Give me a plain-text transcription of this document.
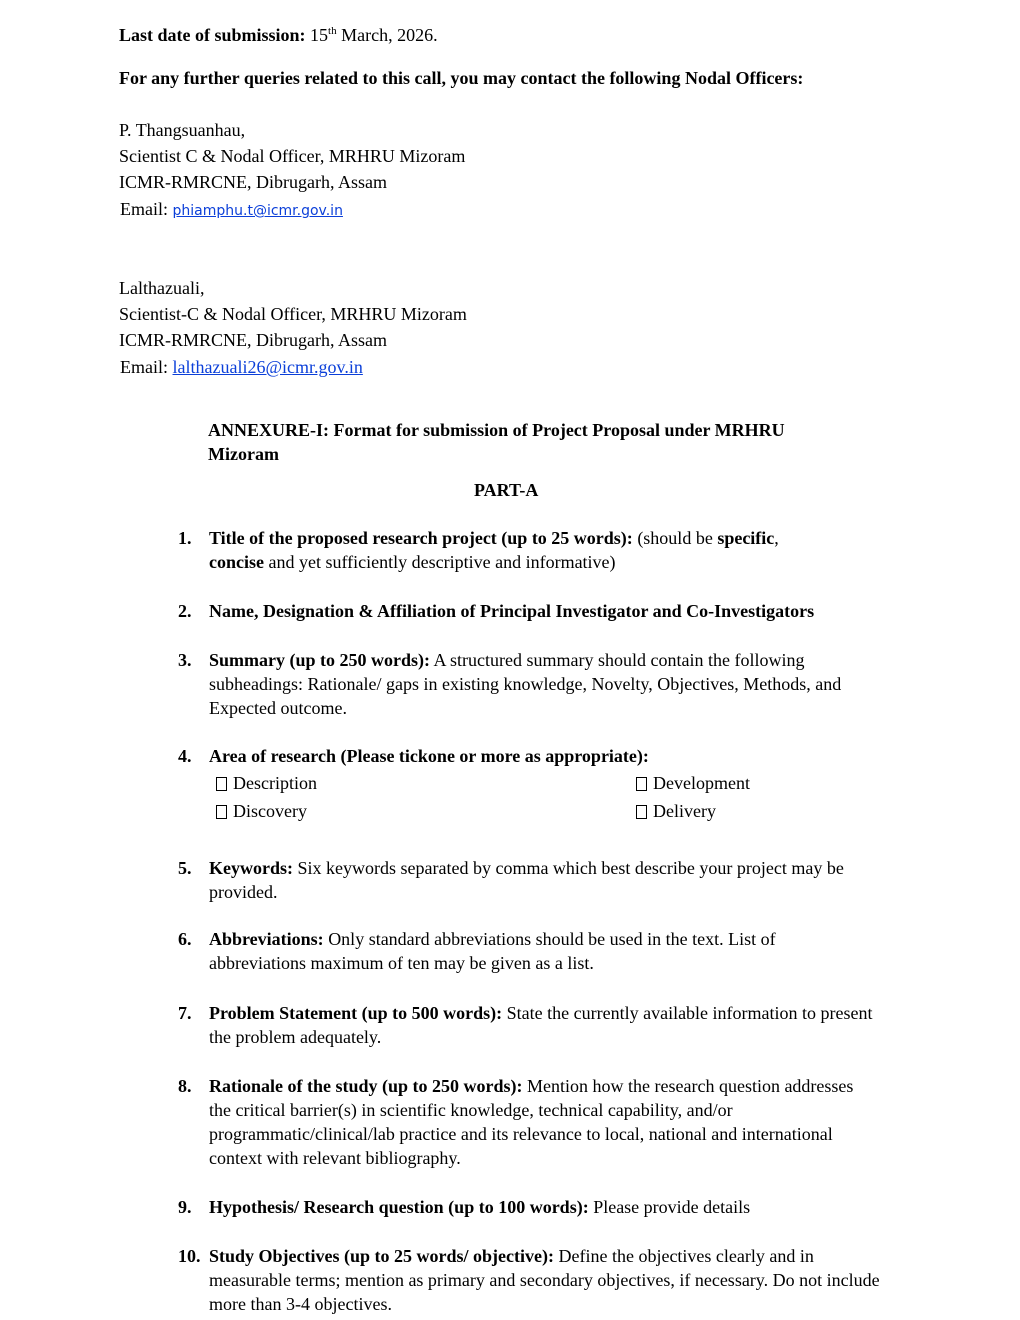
Last date of submission: 15th March, 2026.
For any further queries related to this call, you may contact the following Nodal Officers:
P. Thangsuanhau,
Scientist C & Nodal Officer, MRHRU Mizoram
ICMR-RMRCNE, Dibrugarh, Assam
Email: phiamphu.t@icmr.gov.in
Lalthazuali,
Scientist-C & Nodal Officer, MRHRU Mizoram
ICMR-RMRCNE, Dibrugarh, Assam
Email: lalthazuali26@icmr.gov.in
ANNEXURE-I: Format for submission of Project Proposal under MRHRU
Mizoram
PART-A
1. Title of the proposed research project (up to 25 words): (should be specific,
concise and yet sufficiently descriptive and informative)
2. Name, Designation & Affiliation of Principal Investigator and Co-Investigators
3. Summary (up to 250 words): A structured summary should contain the following subheadings: Rationale/ gaps in existing knowledge, Novelty, Objectives, Methods, and Expected outcome.
4. Area of research (Please tickone or more as appropriate):
Description	Development
Discovery	Delivery
5. Keywords: Six keywords separated by comma which best describe your project may be provided.
6. Abbreviations: Only standard abbreviations should be used in the text. List of abbreviations maximum of ten may be given as a list.
7. Problem Statement (up to 500 words): State the currently available information to present the problem adequately.
8. Rationale of the study (up to 250 words): Mention how the research question addresses the critical barrier(s) in scientific knowledge, technical capability, and/or programmatic/clinical/lab practice and its relevance to local, national and international context with relevant bibliography.
9. Hypothesis/ Research question (up to 100 words): Please provide details
10. Study Objectives (up to 25 words/ objective): Define the objectives clearly and in measurable terms; mention as primary and secondary objectives, if necessary. Do not include more than 3-4 objectives.
